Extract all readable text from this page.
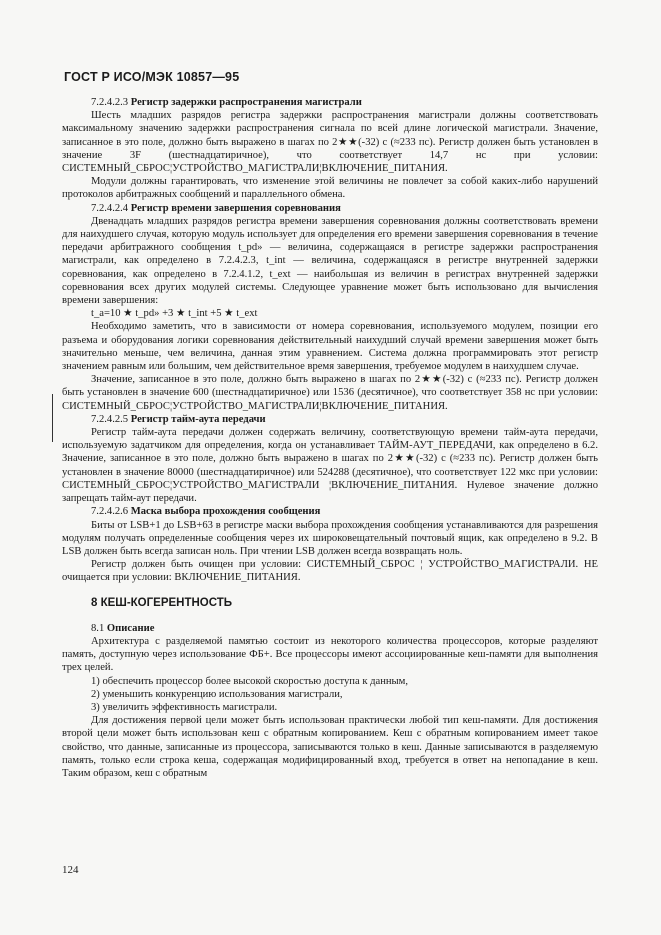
ГОСТ Р ИСО/МЭК 10857—95

7.2.4.2.3 Регистр задержки распространения магистрали

Шесть младших разрядов регистра задержки распространения магистрали должны соответствовать максимальному значению задержки распространения сигнала по всей длине логической магистрали. Значение, записанное в это поле, должно быть выражено в шагах по 2★★(-32) с (≈233 пс). Регистр должен быть установлен в значение 3F (шестнадцатиричное), что соответствует 14,7 нс при условии: СИСТЕМНЫЙ_СБРОС¦УСТРОЙСТВО_МАГИСТРАЛИ¦ВКЛЮЧЕНИЕ_ПИТАНИЯ.

Модули должны гарантировать, что изменение этой величины не повлечет за собой каких-либо нарушений протоколов арбитражных сообщений и параллельного обмена.

7.2.4.2.4 Регистр времени завершения соревнования

Двенадцать младших разрядов регистра времени завершения соревнования должны соответствовать времени для наихудшего случая, которую модуль использует для определения его времени завершения соревнования в течение передачи арбитражного сообщения t_pd» — величина, содержащаяся в регистре задержки распространения магистрали, как определено в 7.2.4.2.3, t_int — величина, содержащаяся в регистре внутренней задержки соревнования, как определено в 7.2.4.1.2, t_ext — наибольшая из величин в регистрах внутренней задержки соревнования всех других модулей системы. Следующее уравнение может быть использовано для вычисления времени завершения:

t_a=10 ★ t_pd» +3 ★ t_int +5 ★ t_ext

Необходимо заметить, что в зависимости от номера соревнования, используемого модулем, позиции его разъема и оборудования логики соревнования действительный наихудший случай времени завершения может быть значительно меньше, чем величина, данная этим уравнением. Система должна программировать этот регистр значением равным или большим, чем действительное время завершения, требуемое модулем в наихудшем случае.

Значение, записанное в это поле, должно быть выражено в шагах по 2★★(-32) с (≈233 пс). Регистр должен быть установлен в значение 600 (шестнадцатиричное) или 1536 (десятичное), что соответствует 358 нс при условии: СИСТЕМНЫЙ_СБРОС¦УСТРОЙСТВО_МАГИСТРАЛИ¦ВКЛЮЧЕНИЕ_ПИТАНИЯ.

7.2.4.2.5 Регистр тайм-аута передачи

Регистр тайм-аута передачи должен содержать величину, соответствующую времени тайм-аута передачи, используемую задатчиком для определения, когда он устанавливает ТАЙМ-АУТ_ПЕРЕДАЧИ, как определено в 6.2. Значение, записанное в это поле, должно быть выражено в шагах по 2★★(-32) с (≈233 пс). Регистр должен быть установлен в значение 80000 (шестнадцатиричное) или 524288 (десятичное), что соответствует 122 мкс при условии: СИСТЕМНЫЙ_СБРОС¦УСТРОЙСТВО_МАГИСТРАЛИ ¦ВКЛЮЧЕНИЕ_ПИТАНИЯ. Нулевое значение должно запрещать тайм-аут передачи.

7.2.4.2.6 Маска выбора прохождения сообщения

Биты от LSB+1 до LSB+63 в регистре маски выбора прохождения сообщения устанавливаются для разрешения модулям получать определенные сообщения через их широковещательный почтовый ящик, как определено в 9.2. В LSB должен быть всегда записан ноль. При чтении LSB должен всегда возвращать ноль.

Регистр должен быть очищен при условии: СИСТЕМНЫЙ_СБРОС ¦ УСТРОЙСТВО_МАГИСТРАЛИ. НЕ очищается при условии: ВКЛЮЧЕНИЕ_ПИТАНИЯ.

8 КЕШ-КОГЕРЕНТНОСТЬ

8.1 Описание

Архитектура с разделяемой памятью состоит из некоторого количества процессоров, которые разделяют память, доступную через использование ФБ+. Все процессоры имеют ассоциированные кеш-памяти для выполнения трех целей.

1) обеспечить процессор более высокой скоростью доступа к данным,

2) уменьшить конкуренцию использования магистрали,

3) увеличить эффективность магистрали.

Для достижения первой цели может быть использован практически любой тип кеш-памяти. Для достижения второй цели может быть использован кеш с обратным копированием. Кеш с обратным копированием имеет такое свойство, что данные, записанные из процессора, записываются только в кеш. Данные записываются в разделяемую память, только если строка кеша, содержащая модифицированный вход, требуется в ответ на непопадание в кеш. Таким образом, кеш с обратным

124
